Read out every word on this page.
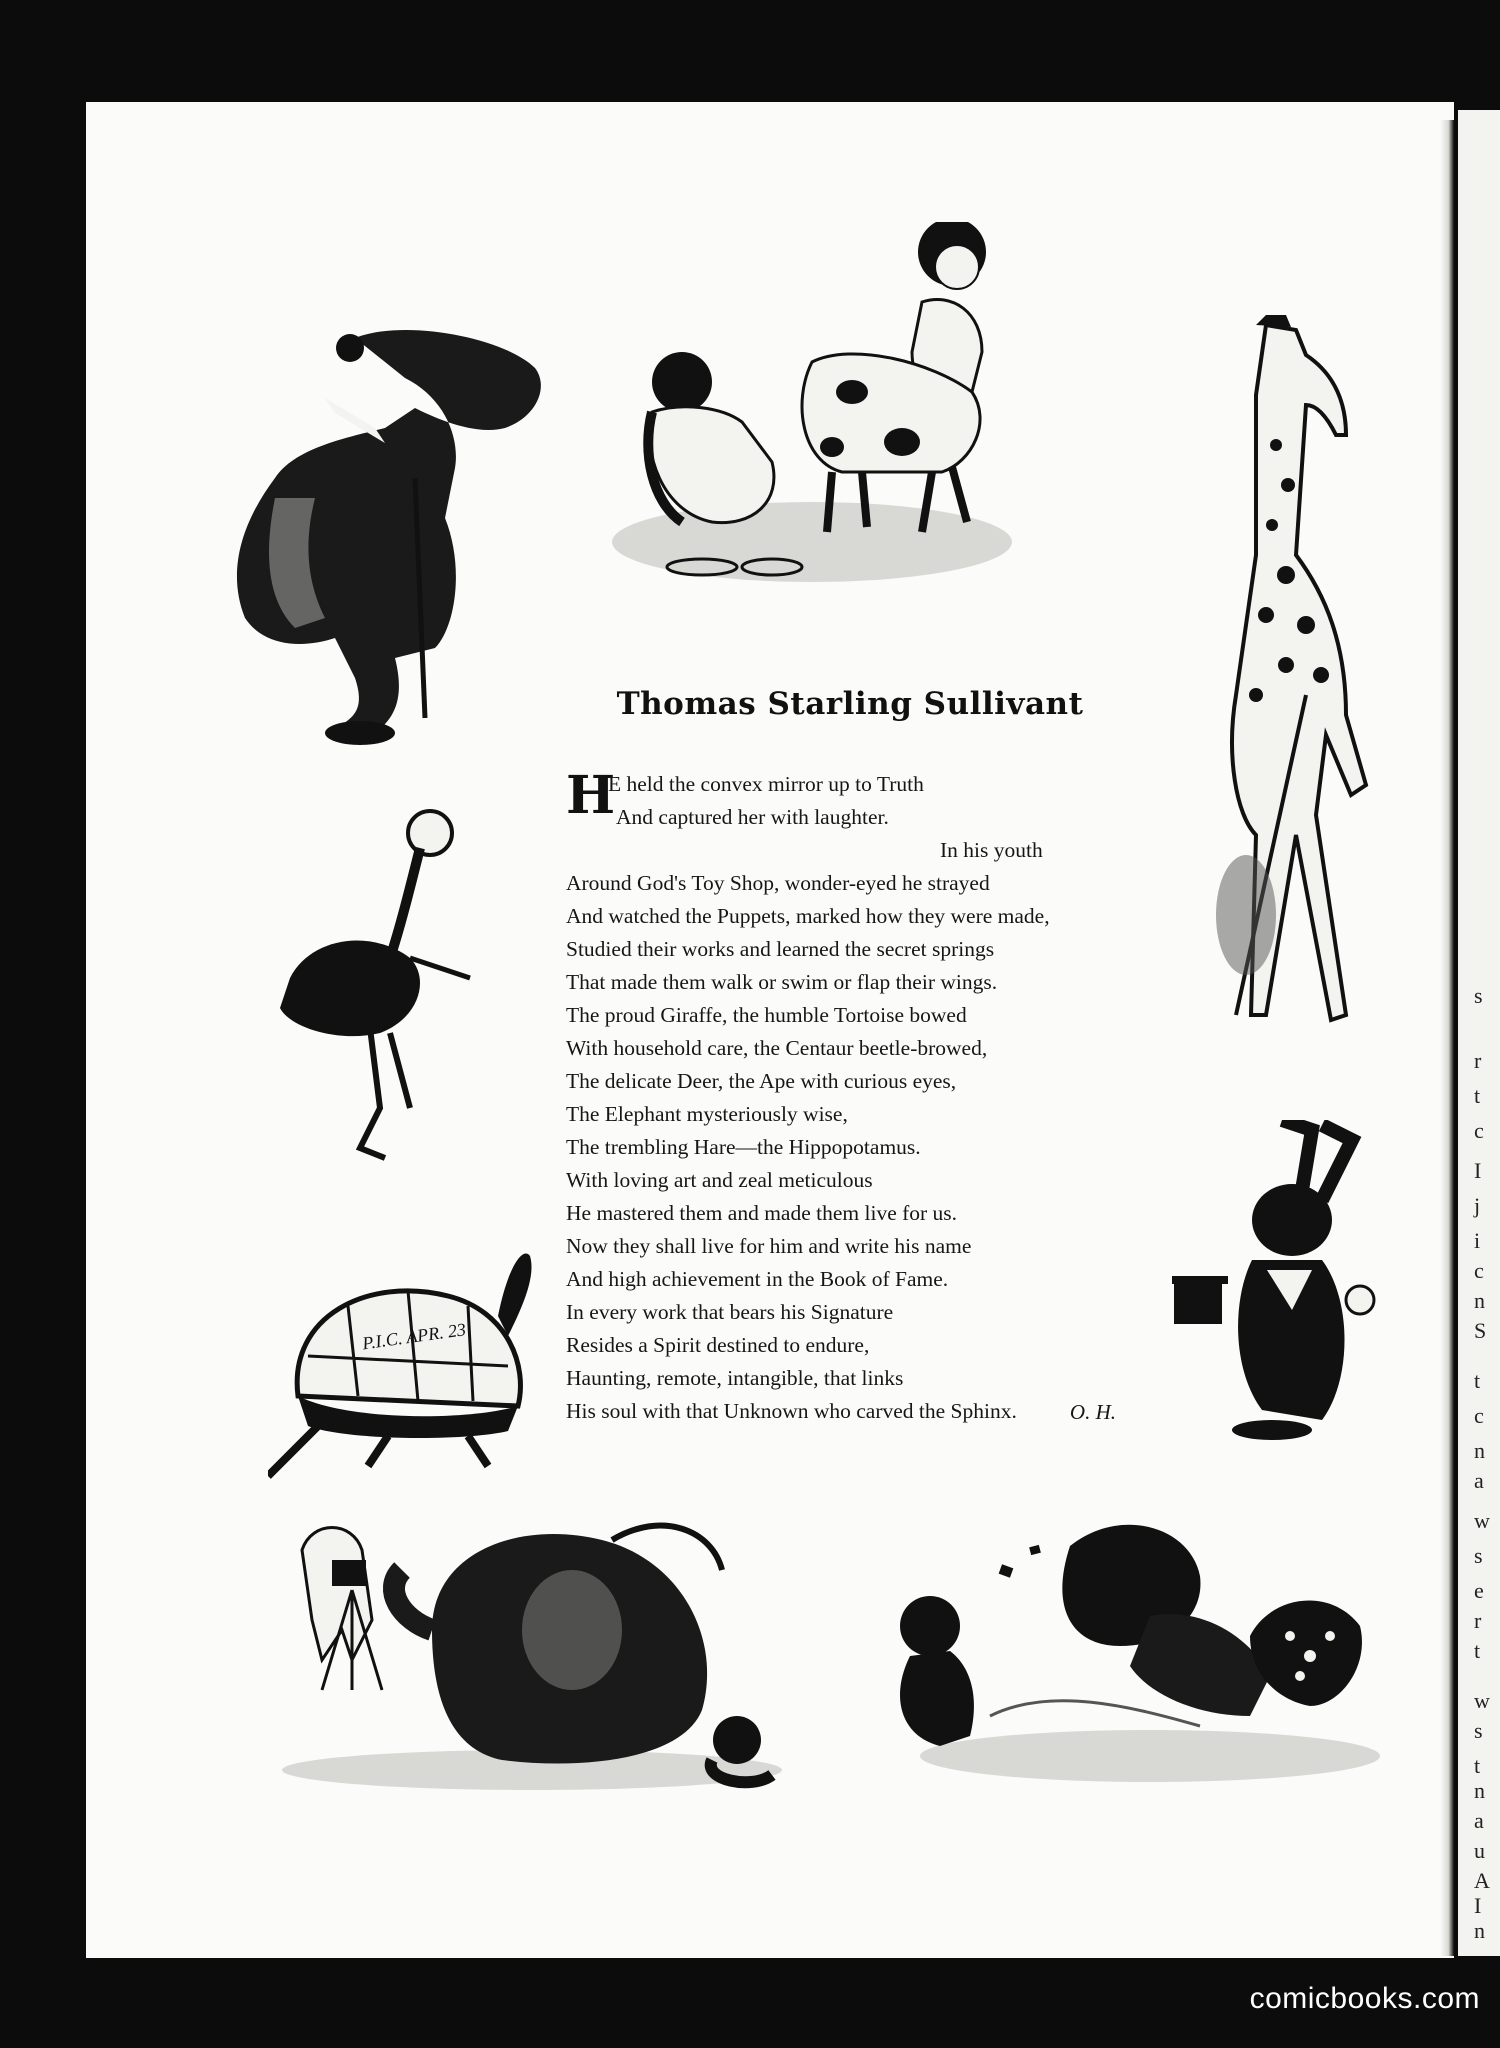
s
r
t
c
I
j
i
c
n
S
t
c
n
a
w
s
e
r
t
w
s
t
n
a
u
A
I
n
P.I.C. APR. 23
Thomas Starling Sullivant
H
E held the convex mirror up to Truth
And captured her with laughter.
In his youth
Around God's Toy Shop, wonder-eyed he strayed
And watched the Puppets, marked how they were made,
Studied their works and learned the secret springs
That made them walk or swim or flap their wings.
The proud Giraffe, the humble Tortoise bowed
With household care, the Centaur beetle-browed,
The delicate Deer, the Ape with curious eyes,
The Elephant mysteriously wise,
The trembling Hare—the Hippopotamus.
With loving art and zeal meticulous
He mastered them and made them live for us.
Now they shall live for him and write his name
And high achievement in the Book of Fame.
In every work that bears his Signature
Resides a Spirit destined to endure,
Haunting, remote, intangible, that links
His soul with that Unknown who carved the Sphinx.	O. H.
comicbooks.com
